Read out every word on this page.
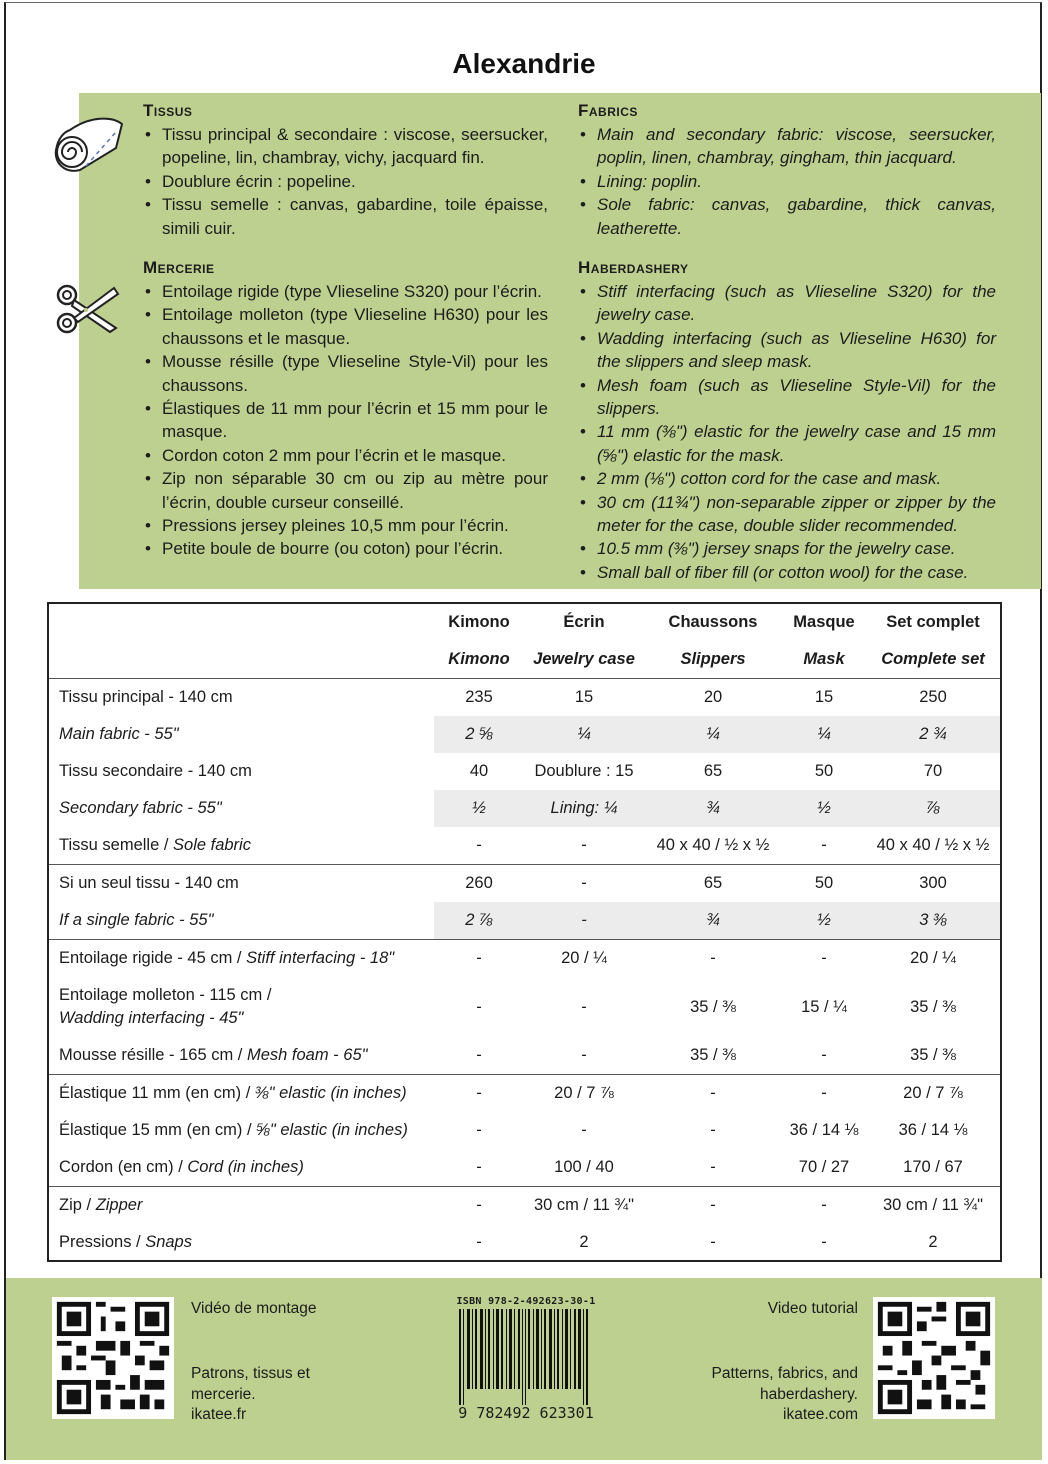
Alexandrie
Tissus
• Tissu principal & secondaire : viscose, seersucker, popeline, lin, chambray, vichy, jacquard fin.
• Doublure écrin : popeline.
• Tissu semelle : canvas, gabardine, toile épaisse, simili cuir.
Fabrics
• Main and secondary fabric: viscose, seersucker, poplin, linen, chambray, gingham, thin jacquard.
• Lining: poplin.
• Sole fabric: canvas, gabardine, thick canvas, leatherette.
Mercerie
• Entoilage rigide (type Vlieseline S320) pour l’écrin.
• Entoilage molleton (type Vlieseline H630) pour les chaussons et le masque.
• Mousse résille (type Vlieseline Style-Vil) pour les chaussons.
• Élastiques de 11 mm pour l’écrin et 15 mm pour le masque.
• Cordon coton 2 mm pour l’écrin et le masque.
• Zip non séparable 30 cm ou zip au mètre pour l’écrin, double curseur conseillé.
• Pressions jersey pleines 10,5 mm pour l’écrin.
• Petite boule de bourre (ou coton) pour l’écrin.
Haberdashery
• Stiff interfacing (such as Vlieseline S320) for the jewelry case.
• Wadding interfacing (such as Vlieseline H630) for the slippers and sleep mask.
• Mesh foam (such as Vlieseline Style-Vil) for the slippers.
• 11 mm (⅜") elastic for the jewelry case and 15 mm (⅝") elastic for the mask.
• 2 mm (⅛") cotton cord for the case and mask.
• 30 cm (11¾") non-separable zipper or zipper by the meter for the case, double slider recommended.
• 10.5 mm (⅜") jersey snaps for the jewelry case.
• Small ball of fiber fill (or cotton wool) for the case.
	Kimono	Écrin	Chaussons	Masque	Set complet
	Kimono	Jewelry case	Slippers	Mask	Complete set
Tissu principal - 140 cm	235	15	20	15	250
Main fabric - 55"	2 ⅝	¼	¼	¼	2 ¾
Tissu secondaire - 140 cm	40	Doublure : 15	65	50	70
Secondary fabric - 55"	½	Lining: ¼	¾	½	⅞
Tissu semelle / Sole fabric	-	-	40 x 40 / ½ x ½	-	40 x 40 / ½ x ½
Si un seul tissu - 140 cm	260	-	65	50	300
If a single fabric - 55"	2 ⅞	-	¾	½	3 ⅜
Entoilage rigide - 45 cm / Stiff interfacing - 18"	-	20 / ¼	-	-	20 / ¼
Entoilage molleton - 115 cm /
Wadding interfacing - 45"	-	-	35 / ⅜	15 / ¼	35 / ⅜
Mousse résille - 165 cm / Mesh foam - 65"	-	-	35 / ⅜	-	35 / ⅜
Élastique 11 mm (en cm) / ⅜" elastic (in inches)	-	20 / 7 ⅞	-	-	20 / 7 ⅞
Élastique 15 mm (en cm) / ⅝" elastic (in inches)	-	-	-	36 / 14 ⅛	36 / 14 ⅛
Cordon (en cm) / Cord (in inches)	-	100 / 40	-	70 / 27	170 / 67
Zip / Zipper	-	30 cm / 11 ¾"	-	-	30 cm / 11 ¾"
Pressions / Snaps	-	2	-	-	2
Vidéo de montage
Patrons, tissus et
mercerie.
ikatee.fr
ISBN 978-2-492623-30-1
9 782492 623301
Video tutorial
Patterns, fabrics, and
haberdashery.
ikatee.com
